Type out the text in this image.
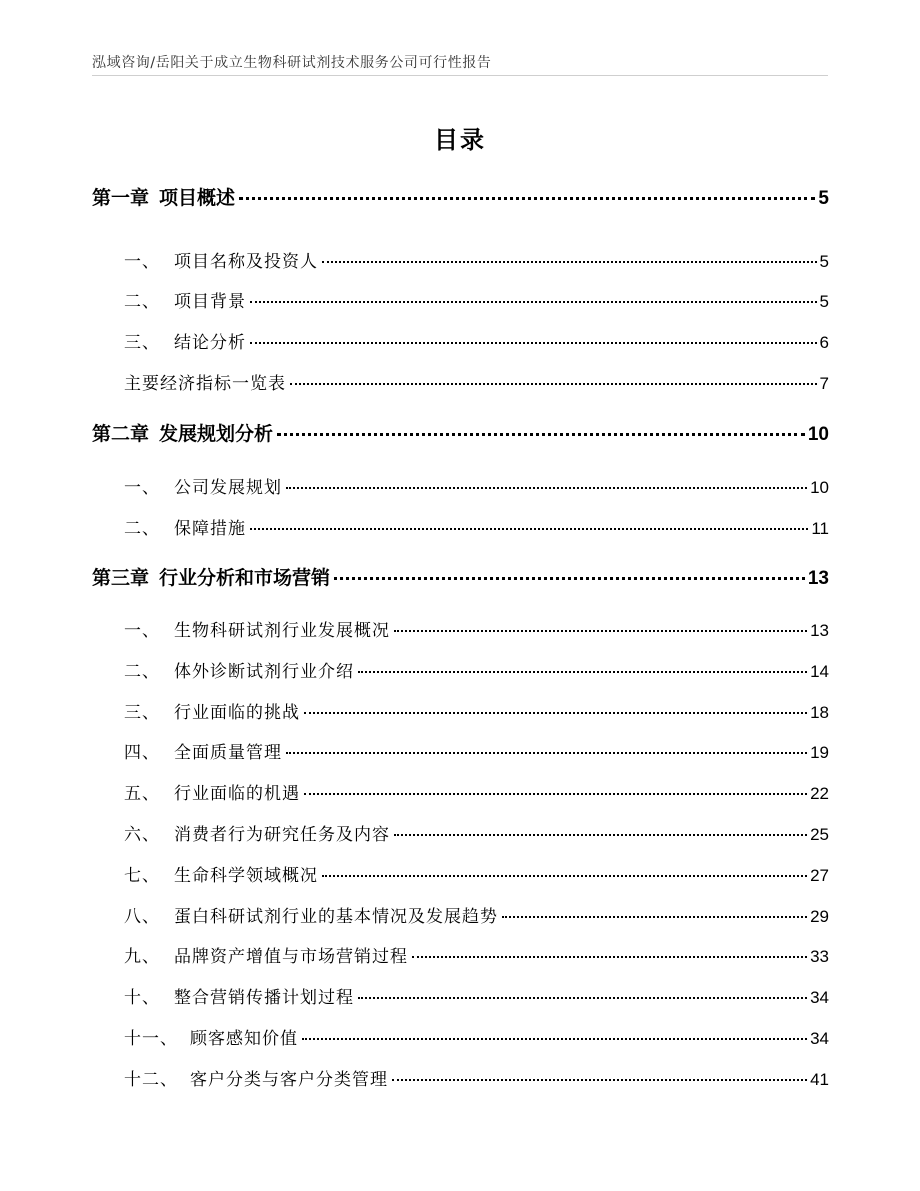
泓域咨询/岳阳关于成立生物科研试剂技术服务公司可行性报告
目录
第一章 项目概述	5
一、 项目名称及投资人	5
二、 项目背景	5
三、 结论分析	6
主要经济指标一览表	7
第二章 发展规划分析	10
一、 公司发展规划	10
二、 保障措施	11
第三章 行业分析和市场营销	13
一、 生物科研试剂行业发展概况	13
二、 体外诊断试剂行业介绍	14
三、 行业面临的挑战	18
四、 全面质量管理	19
五、 行业面临的机遇	22
六、 消费者行为研究任务及内容	25
七、 生命科学领域概况	27
八、 蛋白科研试剂行业的基本情况及发展趋势	29
九、 品牌资产增值与市场营销过程	33
十、 整合营销传播计划过程	34
十一、 顾客感知价值	34
十二、 客户分类与客户分类管理	41
